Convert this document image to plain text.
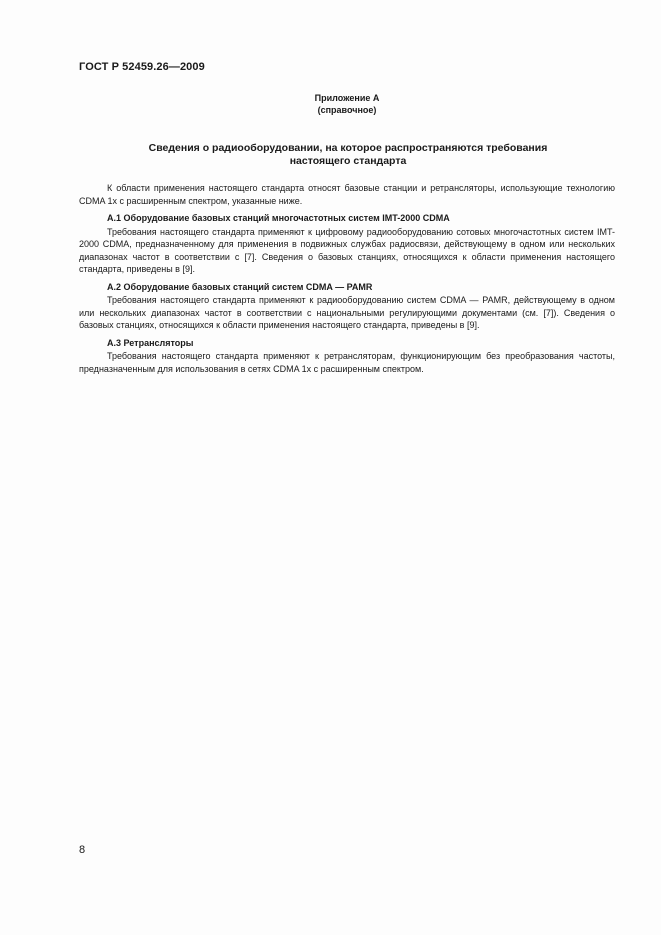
ГОСТ Р 52459.26—2009
Приложение А
(справочное)
Сведения о радиооборудовании, на которое распространяются требования
настоящего стандарта

К области применения настоящего стандарта относят базовые станции и ретрансляторы, использующие технологию CDMA 1x с расширенным спектром, указанные ниже.

А.1 Оборудование базовых станций многочастотных систем IMT-2000 CDMA

Требования настоящего стандарта применяют к цифровому радиооборудованию сотовых многочастотных систем IMT-2000 CDMA, предназначенному для применения в подвижных службах радиосвязи, действующему в одном или нескольких диапазонах частот в соответствии с [7]. Сведения о базовых станциях, относящихся к области применения настоящего стандарта, приведены в [9].

А.2 Оборудование базовых станций систем CDMA — PAMR

Требования настоящего стандарта применяют к радиооборудованию систем CDMA — PAMR, действующему в одном или нескольких диапазонах частот в соответствии с национальными регулирующими документами (см. [7]). Сведения о базовых станциях, относящихся к области применения настоящего стандарта, приведены в [9].

А.3 Ретрансляторы

Требования настоящего стандарта применяют к ретрансляторам, функционирующим без преобразования частоты, предназначенным для использования в сетях CDMA 1x с расширенным спектром.

8
